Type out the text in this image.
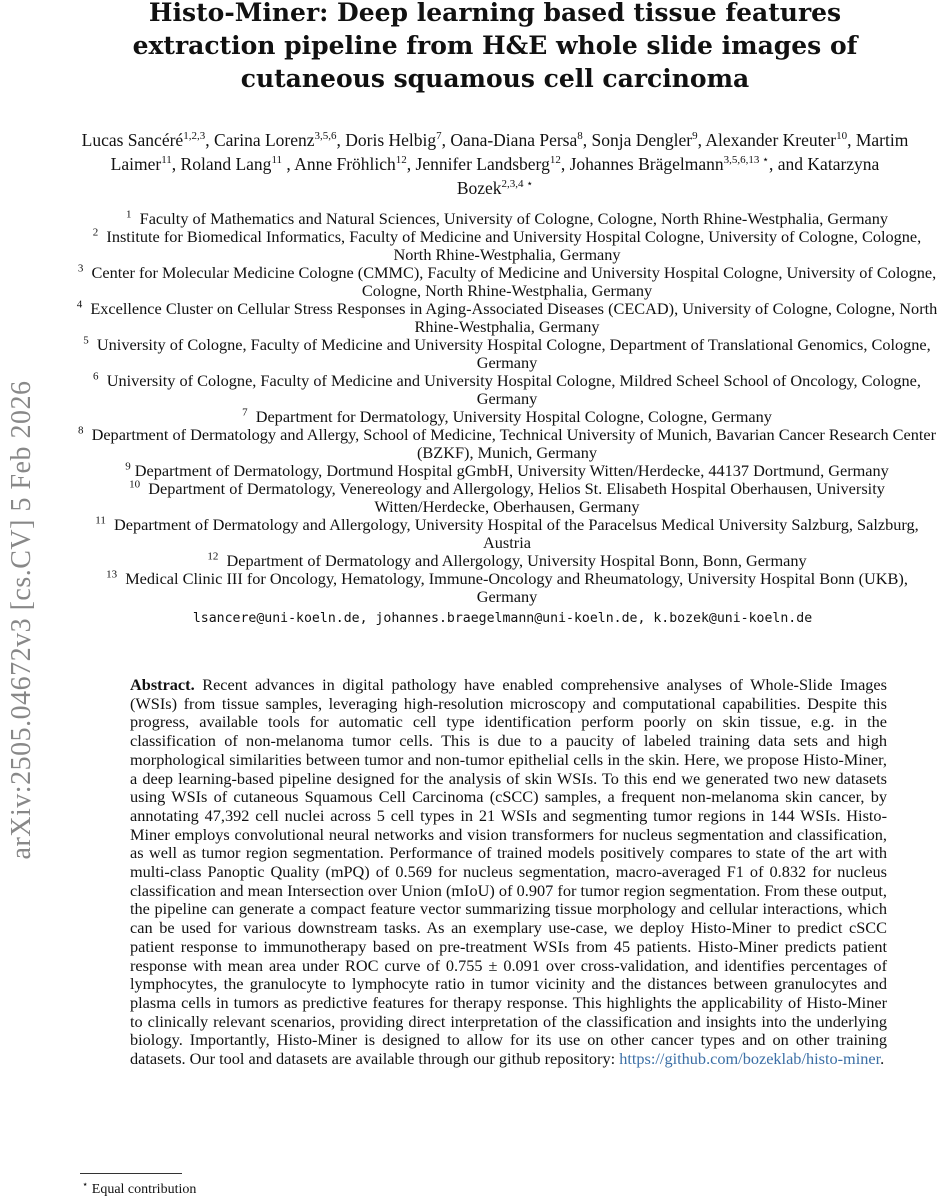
arXiv:2505.04672v3 [cs.CV] 5 Feb 2026
Histo-Miner: Deep learning based tissue features extraction pipeline from H&E whole slide images of cutaneous squamous cell carcinoma
Lucas Sancéré$^{1,2,3}$, Carina Lorenz$^{3,5,6}$, Doris Helbig$^7$, Oana-Diana Persa$^8$, Sonja Dengler$^9$, Alexander Kreuter$^{10}$, Martim Laimer$^{11}$, Roland Lang$^{11}$ , Anne Fröhlich$^{12}$, Jennifer Landsberg$^{12}$, Johannes Brägelmann$^{3,5,6,13 ⋆}$, and Katarzyna Bozek$^{2,3,4 ⋆}$

$^1$ Faculty of Mathematics and Natural Sciences, University of Cologne, Cologne, North Rhine-Westphalia, Germany

$^2$ Institute for Biomedical Informatics, Faculty of Medicine and University Hospital Cologne, University of Cologne, Cologne, North Rhine-Westphalia, Germany

$^3$ Center for Molecular Medicine Cologne (CMMC), Faculty of Medicine and University Hospital Cologne, University of Cologne, Cologne, North Rhine-Westphalia, Germany

$^4$ Excellence Cluster on Cellular Stress Responses in Aging-Associated Diseases (CECAD), University of Cologne, Cologne, North Rhine-Westphalia, Germany

$^5$ University of Cologne, Faculty of Medicine and University Hospital Cologne, Department of Translational Genomics, Cologne, Germany

$^6$ University of Cologne, Faculty of Medicine and University Hospital Cologne, Mildred Scheel School of Oncology, Cologne, Germany

$^7$ Department for Dermatology, University Hospital Cologne, Cologne, Germany

$^8$ Department of Dermatology and Allergy, School of Medicine, Technical University of Munich, Bavarian Cancer Research Center (BZKF), Munich, Germany

$^9$ Department of Dermatology, Dortmund Hospital gGmbH, University Witten/Herdecke, 44137 Dortmund, Germany

$^{10}$ Department of Dermatology, Venereology and Allergology, Helios St. Elisabeth Hospital Oberhausen, University Witten/Herdecke, Oberhausen, Germany

$^{11}$ Department of Dermatology and Allergology, University Hospital of the Paracelsus Medical University Salzburg, Salzburg, Austria

$^{12}$ Department of Dermatology and Allergology, University Hospital Bonn, Bonn, Germany

$^{13}$ Medical Clinic III for Oncology, Hematology, Immune-Oncology and Rheumatology, University Hospital Bonn (UKB), Germany

lsancere@uni-koeln.de, johannes.braegelmann@uni-koeln.de, k.bozek@uni-koeln.de

Abstract. Recent advances in digital pathology have enabled comprehensive analyses of Whole-Slide Images (WSIs) from tissue samples, leveraging high-resolution microscopy and computational capabilities. Despite this progress, available tools for automatic cell type identification perform poorly on skin tissue, e.g. in the classification of non-melanoma tumor cells. This is due to a paucity of labeled training data sets and high morphological similarities between tumor and non-tumor epithelial cells in the skin. Here, we propose Histo-Miner, a deep learning-based pipeline designed for the analysis of skin WSIs. To this end we generated two new datasets using WSIs of cutaneous Squamous Cell Carcinoma (cSCC) samples, a frequent non-melanoma skin cancer, by annotating 47,392 cell nuclei across 5 cell types in 21 WSIs and segmenting tumor regions in 144 WSIs. Histo-Miner employs convolutional neural networks and vision transformers for nucleus segmentation and classification, as well as tumor region segmentation. Performance of trained models positively compares to state of the art with multi-class Panoptic Quality (mPQ) of 0.569 for nucleus segmentation, macro-averaged F1 of 0.832 for nucleus classification and mean Intersection over Union (mIoU) of 0.907 for tumor region segmentation. From these output, the pipeline can generate a compact feature vector summarizing tissue morphology and cellular interactions, which can be used for various downstream tasks. As an exemplary use-case, we deploy Histo-Miner to predict cSCC patient response to immunotherapy based on pre-treatment WSIs from 45 patients. Histo-Miner predicts patient response with mean area under ROC curve of 0.755 ± 0.091 over cross-validation, and identifies percentages of lymphocytes, the granulocyte to lymphocyte ratio in tumor vicinity and the distances between granulocytes and plasma cells in tumors as predictive features for therapy response. This highlights the applicability of Histo-Miner to clinically relevant scenarios, providing direct interpretation of the classification and insights into the underlying biology. Importantly, Histo-Miner is designed to allow for its use on other cancer types and on other training datasets. Our tool and datasets are available through our github repository: https://github.com/bozeklab/histo-miner.

⋆ Equal contribution
